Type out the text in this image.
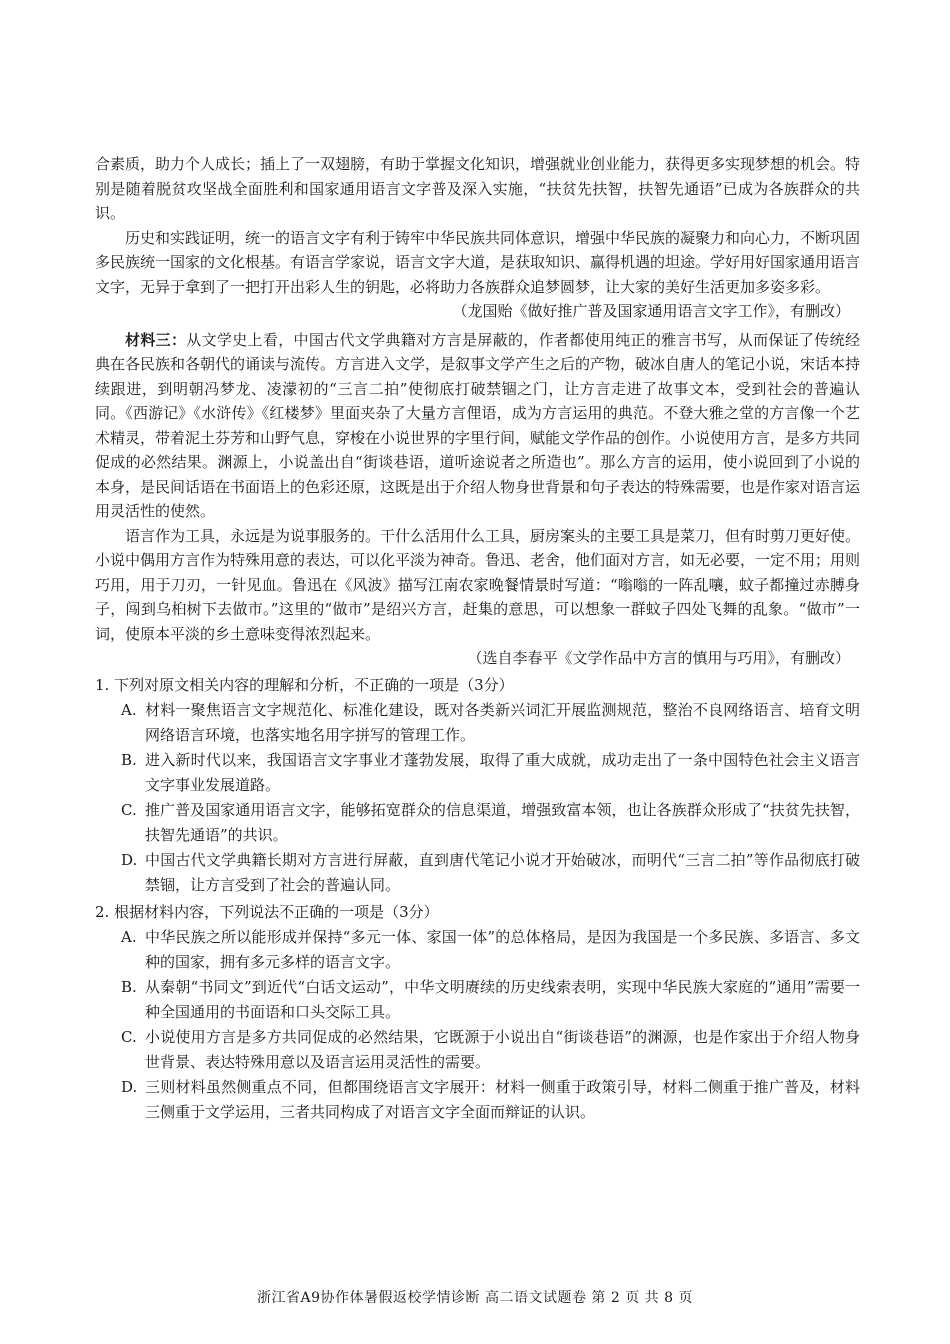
合素质，助力个人成长；插上了一双翅膀，有助于掌握文化知识，增强就业创业能力，获得更多实现梦想的机会。特别是随着脱贫攻坚战全面胜利和国家通用语言文字普及深入实施，“扶贫先扶智，扶智先通语”已成为各族群众的共识。

历史和实践证明，统一的语言文字有利于铸牢中华民族共同体意识，增强中华民族的凝聚力和向心力，不断巩固多民族统一国家的文化根基。有语言学家说，语言文字大道，是获取知识、赢得机遇的坦途。学好用好国家通用语言文字，无异于拿到了一把打开出彩人生的钥匙，必将助力各族群众追梦圆梦，让大家的美好生活更加多姿多彩。

（龙国贻《做好推广普及国家通用语言文字工作》，有删改）

材料三：从文学史上看，中国古代文学典籍对方言是屏蔽的，作者都使用纯正的雅言书写，从而保证了传统经典在各民族和各朝代的诵读与流传。方言进入文学，是叙事文学产生之后的产物，破冰自唐人的笔记小说，宋话本持续跟进，到明朝冯梦龙、凌濛初的“三言二拍”使彻底打破禁锢之门，让方言走进了故事文本，受到社会的普遍认同。《西游记》《水浒传》《红楼梦》里面夹杂了大量方言俚语，成为方言运用的典范。不登大雅之堂的方言像一个艺术精灵，带着泥土芬芳和山野气息，穿梭在小说世界的字里行间，赋能文学作品的创作。小说使用方言，是多方共同促成的必然结果。渊源上，小说盖出自“街谈巷语，道听途说者之所造也”。那么方言的运用，使小说回到了小说的本身，是民间话语在书面语上的色彩还原，这既是出于介绍人物身世背景和句子表达的特殊需要，也是作家对语言运用灵活性的使然。

语言作为工具，永远是为说事服务的。干什么活用什么工具，厨房案头的主要工具是菜刀，但有时剪刀更好使。小说中偶用方言作为特殊用意的表达，可以化平淡为神奇。鲁迅、老舍，他们面对方言，如无必要，一定不用；用则巧用，用于刀刃，一针见血。鲁迅在《风波》描写江南农家晚餐情景时写道：“嗡嗡的一阵乱嚷，蚊子都撞过赤膊身子，闯到乌桕树下去做市。”这里的“做市”是绍兴方言，赶集的意思，可以想象一群蚊子四处飞舞的乱象。“做市”一词，使原本平淡的乡土意味变得浓烈起来。

（选自李春平《文学作品中方言的慎用与巧用》，有删改）

1. 下列对原文相关内容的理解和分析，不正确的一项是（3分）
A. 材料一聚焦语言文字规范化、标准化建设，既对各类新兴词汇开展监测规范，整治不良网络语言、培育文明网络语言环境，也落实地名用字拼写的管理工作。
B. 进入新时代以来，我国语言文字事业才蓬勃发展，取得了重大成就，成功走出了一条中国特色社会主义语言文字事业发展道路。
C. 推广普及国家通用语言文字，能够拓宽群众的信息渠道，增强致富本领，也让各族群众形成了“扶贫先扶智，扶智先通语”的共识。
D. 中国古代文学典籍长期对方言进行屏蔽，直到唐代笔记小说才开始破冰，而明代“三言二拍”等作品彻底打破禁锢，让方言受到了社会的普遍认同。
2. 根据材料内容，下列说法不正确的一项是（3分）
A. 中华民族之所以能形成并保持“多元一体、家国一体”的总体格局，是因为我国是一个多民族、多语言、多文种的国家，拥有多元多样的语言文字。
B. 从秦朝“书同文”到近代“白话文运动”，中华文明赓续的历史线索表明，实现中华民族大家庭的“通用”需要一种全国通用的书面语和口头交际工具。
C. 小说使用方言是多方共同促成的必然结果，它既源于小说出自“街谈巷语”的渊源，也是作家出于介绍人物身世背景、表达特殊用意以及语言运用灵活性的需要。
D. 三则材料虽然侧重点不同，但都围绕语言文字展开：材料一侧重于政策引导，材料二侧重于推广普及，材料三侧重于文学运用，三者共同构成了对语言文字全面而辩证的认识。
浙江省A9协作体暑假返校学情诊断 高二语文试题卷 第 2 页 共 8 页
